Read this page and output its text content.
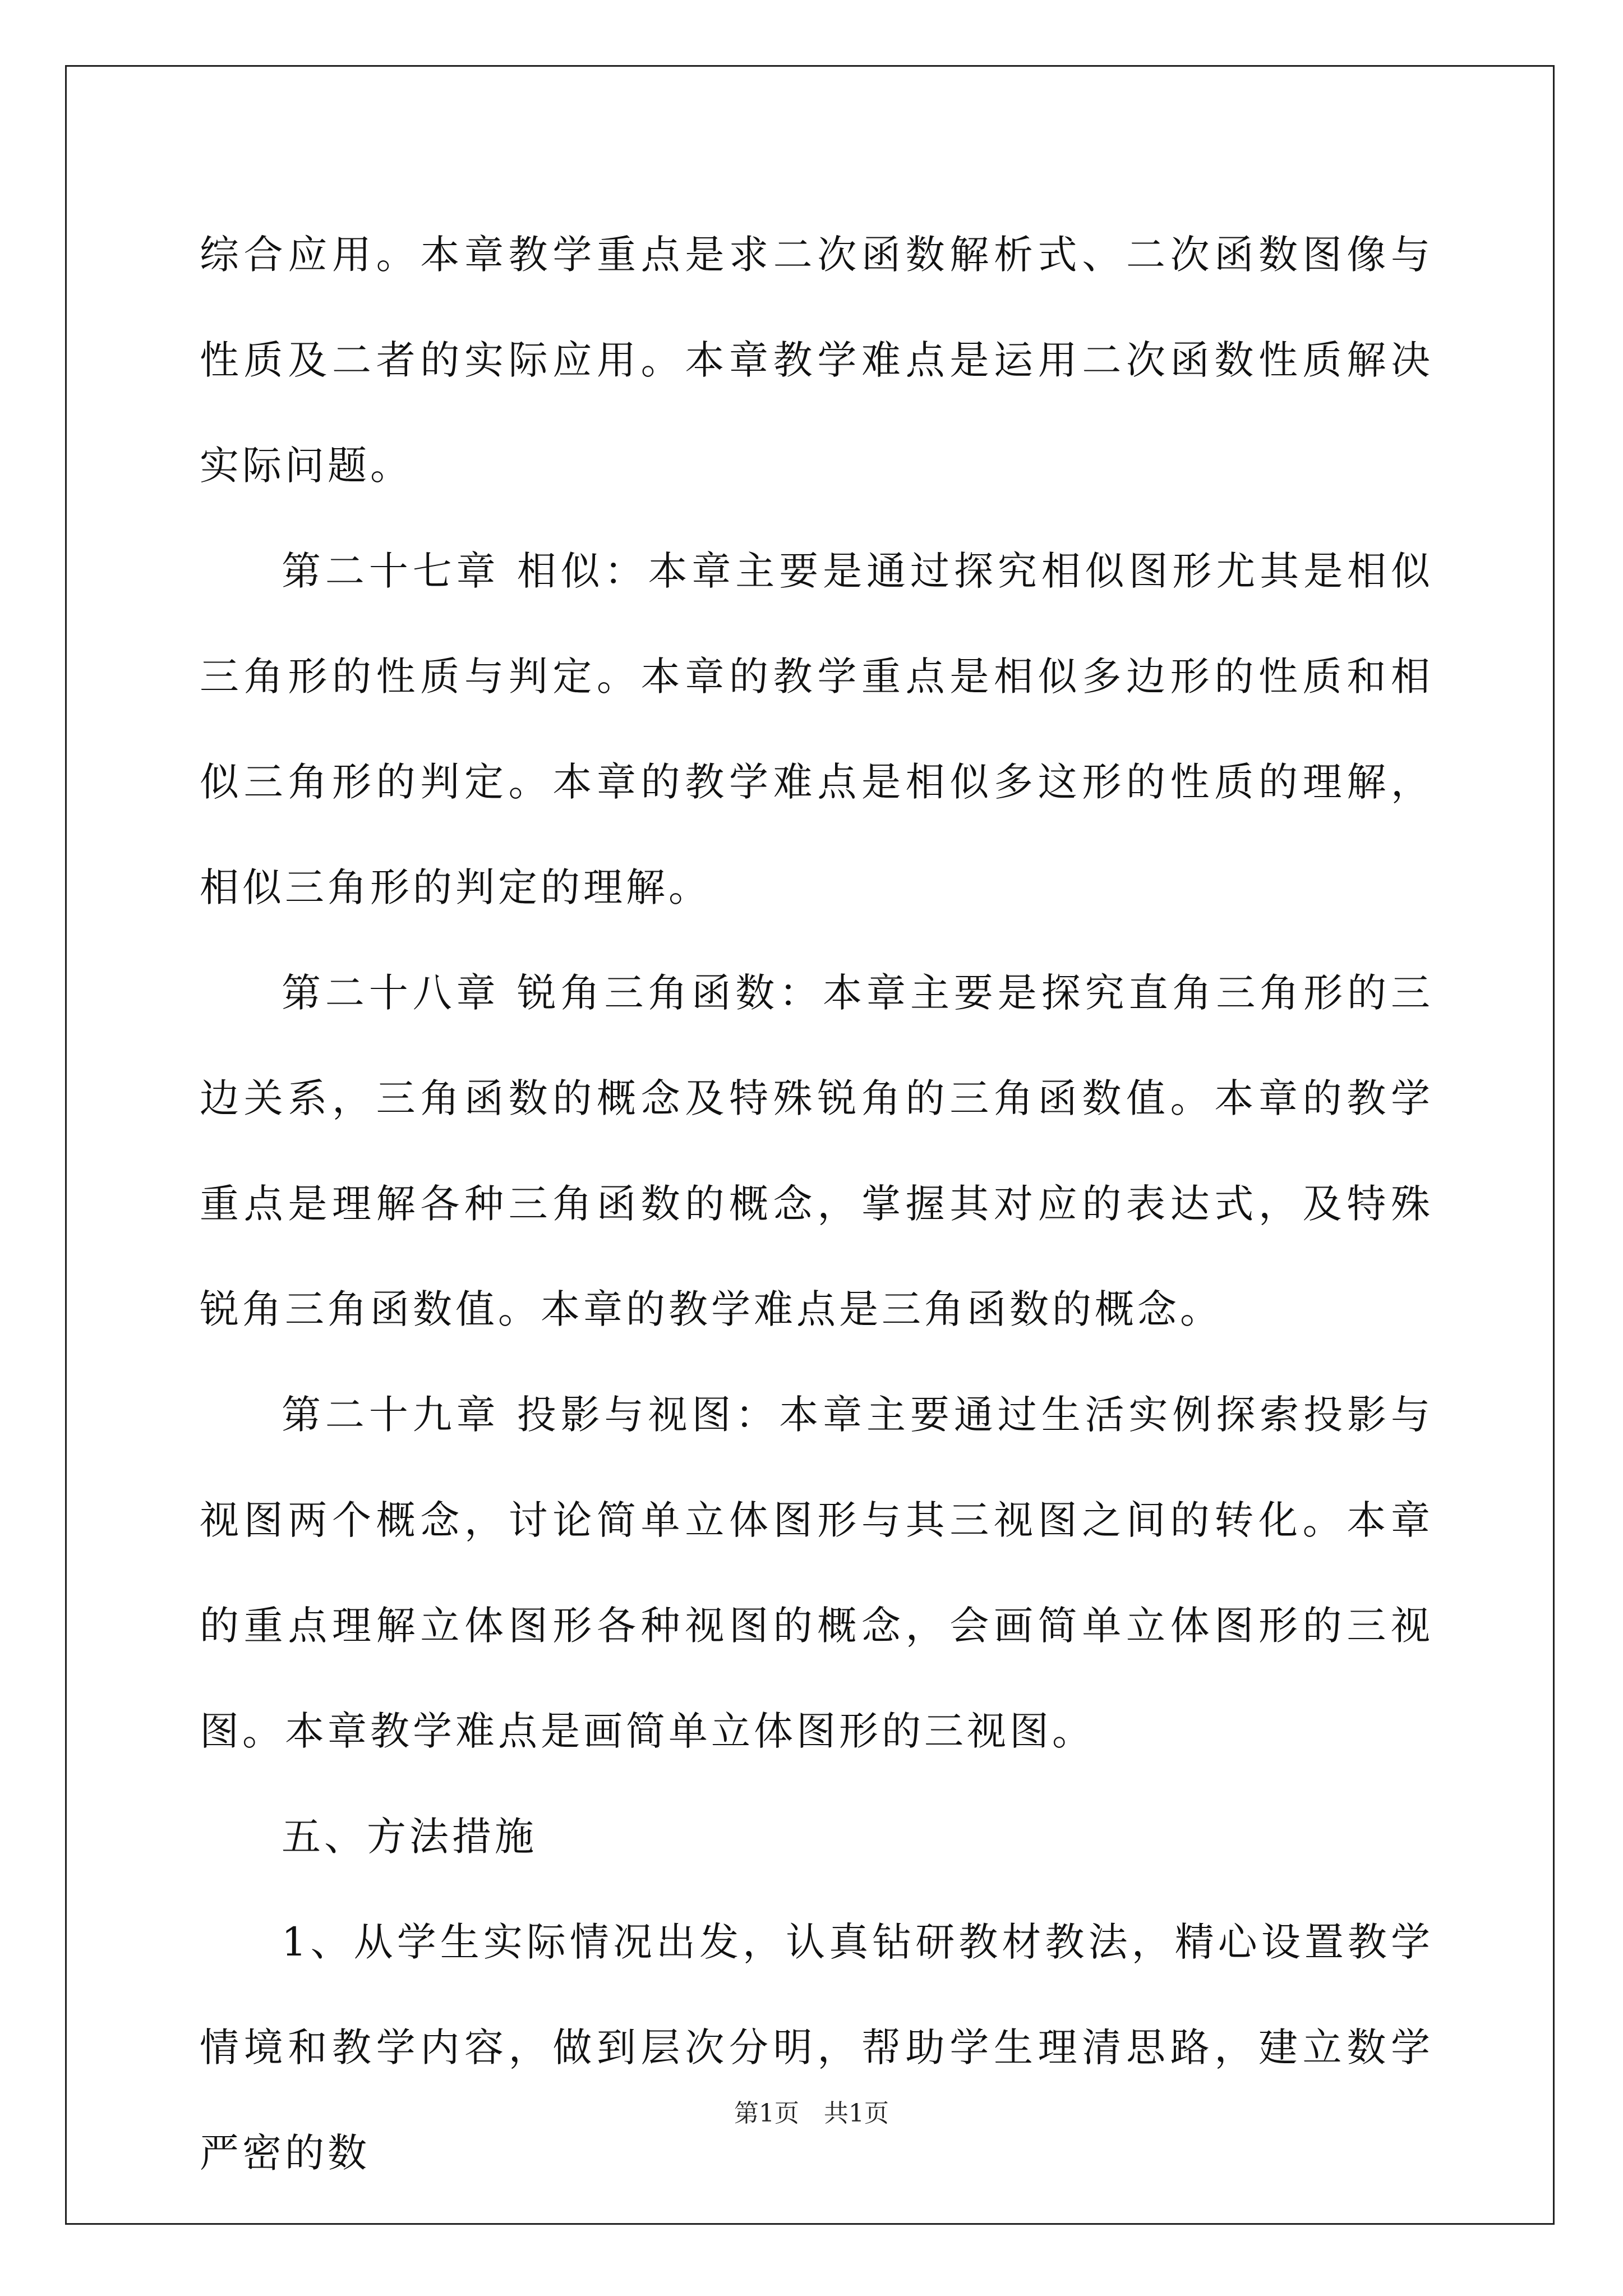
综合应用。本章教学重点是求二次函数解析式、二次函数图像与性质及二者的实际应用。本章教学难点是运用二次函数性质解决实际问题。

第二十七章 相似：本章主要是通过探究相似图形尤其是相似三角形的性质与判定。本章的教学重点是相似多边形的性质和相似三角形的判定。本章的教学难点是相似多这形的性质的理解，相似三角形的判定的理解。

第二十八章 锐角三角函数：本章主要是探究直角三角形的三边关系，三角函数的概念及特殊锐角的三角函数值。本章的教学重点是理解各种三角函数的概念，掌握其对应的表达式，及特殊锐角三角函数值。本章的教学难点是三角函数的概念。

第二十九章 投影与视图：本章主要通过生活实例探索投影与视图两个概念，讨论简单立体图形与其三视图之间的转化。本章的重点理解立体图形各种视图的概念，会画简单立体图形的三视图。本章教学难点是画简单立体图形的三视图。

五、方法措施

1、从学生实际情况出发，认真钻研教材教法，精心设置教学情境和教学内容，做到层次分明，帮助学生理清思路，建立数学严密的数

第1页　共1页
